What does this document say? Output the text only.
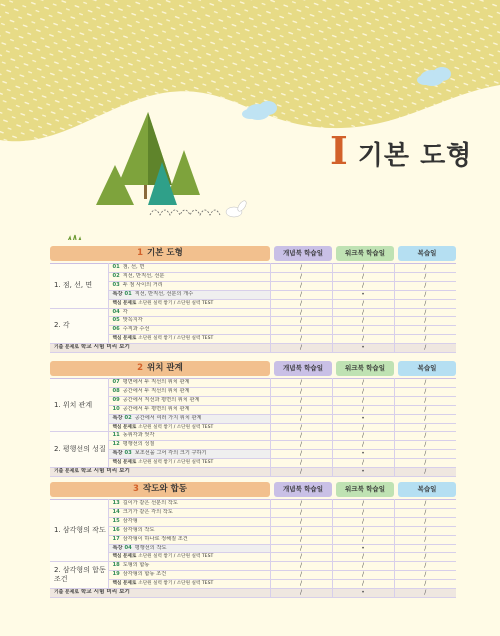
I 기본 도형
1 기본 도형	개념북 학습일	워크북 학습일	복습일
1. 점, 선, 면	01 점, 선, 면	/	/	/
	02 직선, 반직선, 선분	/	/	/
	03 두 점 사이의 거리	/	/	/
	특강 01 직선, 반직선, 선분의 개수	/	•	/
	핵심 문제로 소단원 실력 쌓기 / 소단원 실력 TEST	/	/	/
2. 각	04 각	/	/	/
	05 맞꼭지각	/	/	/
	06 수직과 수선	/	/	/
	핵심 문제로 소단원 실력 쌓기 / 소단원 실력 TEST	/	/	/
기출 문제로 학교 시험 미리 보기		/	•	/
2 위치 관계	개념북 학습일	워크북 학습일	복습일
1. 위치 관계	07 평면에서 두 직선의 위치 관계	/	/	/
	08 공간에서 두 직선의 위치 관계	/	/	/
	09 공간에서 직선과 평면의 위치 관계	/	/	/
	10 공간에서 두 평면의 위치 관계	/	/	/
	특강 02 공간에서 여러 가지 위치 관계	/	•	/
	핵심 문제로 소단원 실력 쌓기 / 소단원 실력 TEST	/	/	/
2. 평행선의 성질	11 동위각과 엇각	/	/	/
	12 평행선의 성질	/	/	/
	특강 03 보조선을 그어 각의 크기 구하기	/	•	/
	핵심 문제로 소단원 실력 쌓기 / 소단원 실력 TEST	/	/	/
기출 문제로 학교 시험 미리 보기		/	•	/
3 작도와 합동	개념북 학습일	워크북 학습일	복습일
1. 삼각형의 작도	13 길이가 같은 선분의 작도	/	/	/
	14 크기가 같은 각의 작도	/	/	/
	15 삼각형	/	/	/
	16 삼각형의 작도	/	/	/
	17 삼각형이 하나로 정해질 조건	/	/	/
	특강 04 평행선의 작도	/	•	/
	핵심 문제로 소단원 실력 쌓기 / 소단원 실력 TEST	/	/	/
2. 삼각형의 합동 조건	18 도형의 합동	/	/	/
	19 삼각형의 합동 조건	/	/	/
	핵심 문제로 소단원 실력 쌓기 / 소단원 실력 TEST	/	/	/
기출 문제로 학교 시험 미리 보기		/	•	/
